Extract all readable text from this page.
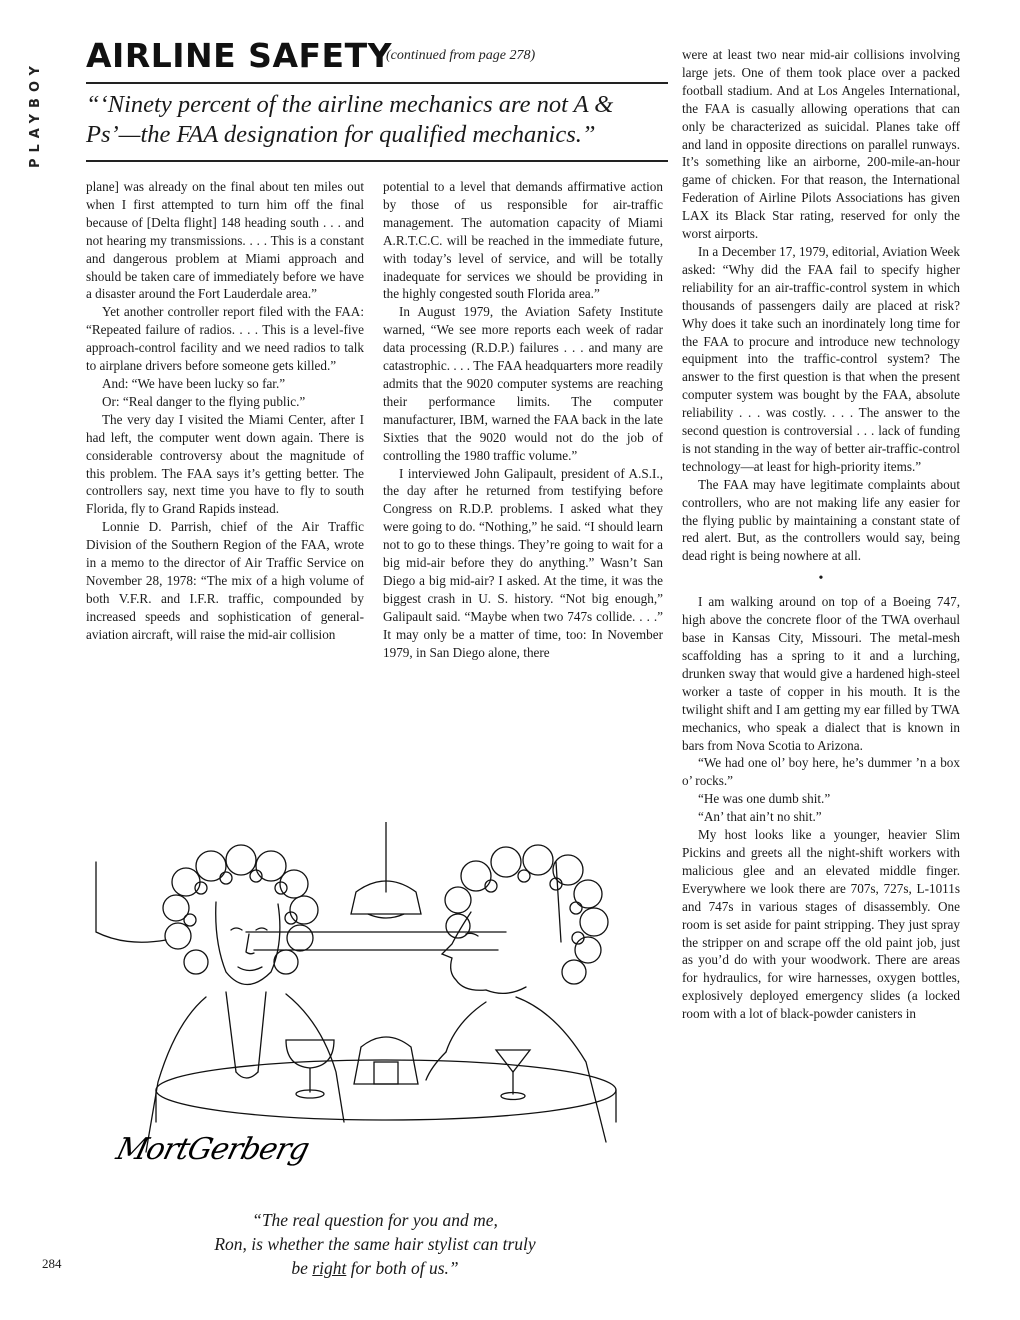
PLAYBOY
AIRLINE SAFETY
(continued from page 278)
“‘Ninety percent of the airline mechanics are not A & Ps’—the FAA designation for qualified mechanics.”

plane] was already on the final about ten miles out when I first attempted to turn him off the final because of [Delta flight] 148 heading south . . . and not hearing my transmissions. . . . This is a constant and dangerous problem at Miami approach and should be taken care of immediately before we have a disaster around the Fort Lauderdale area.”

Yet another controller report filed with the FAA: “Repeated failure of radios. . . . This is a level-five approach-control facility and we need radios to talk to airplane drivers before someone gets killed.”

And: “We have been lucky so far.”

Or: “Real danger to the flying public.”

The very day I visited the Miami Center, after I had left, the computer went down again. There is considerable controversy about the magnitude of this problem. The FAA says it’s getting better. The controllers say, next time you have to fly to south Florida, fly to Grand Rapids instead.

Lonnie D. Parrish, chief of the Air Traffic Division of the Southern Region of the FAA, wrote in a memo to the director of Air Traffic Service on November 28, 1978: “The mix of a high volume of both V.F.R. and I.F.R. traffic, compounded by increased speeds and sophistication of general-aviation aircraft, will raise the mid-air collision

potential to a level that demands affirmative action by those of us responsible for air-traffic management. The automation capacity of Miami A.R.T.C.C. will be reached in the immediate future, with today’s level of service, and will be totally inadequate for services we should be providing in the highly congested south Florida area.”

In August 1979, the Aviation Safety Institute warned, “We see more reports each week of radar data processing (R.D.P.) failures . . . and many are catastrophic. . . . The FAA headquarters more readily admits that the 9020 computer systems are reaching their performance limits. The computer manufacturer, IBM, warned the FAA back in the late Sixties that the 9020 would not do the job of controlling the 1980 traffic volume.”

I interviewed John Galipault, president of A.S.I., the day after he returned from testifying before Congress on R.D.P. problems. I asked what they were going to do. “Nothing,” he said. “I should learn not to go to these things. They’re going to wait for a big mid-air before they do anything.” Wasn’t San Diego a big mid-air? I asked. At the time, it was the biggest crash in U. S. history. “Not big enough,” Galipault said. “Maybe when two 747s collide. . . .” It may only be a matter of time, too: In November 1979, in San Diego alone, there

were at least two near mid-air collisions involving large jets. One of them took place over a packed football stadium. And at Los Angeles International, the FAA is casually allowing operations that can only be characterized as suicidal. Planes take off and land in opposite directions on parallel runways. It’s something like an airborne, 200-mile-an-hour game of chicken. For that reason, the International Federation of Airline Pilots Associations has given LAX its Black Star rating, reserved for only the worst airports.

In a December 17, 1979, editorial, Aviation Week asked: “Why did the FAA fail to specify higher reliability for an air-traffic-control system in which thousands of passengers daily are placed at risk? Why does it take such an inordinately long time for the FAA to procure and introduce new technology equipment into the traffic-control system? The answer to the first question is that when the present computer system was bought by the FAA, absolute reliability . . . was costly. . . . The answer to the second question is controversial . . . lack of funding is not standing in the way of better air-traffic-control technology—at least for high-priority items.”

The FAA may have legitimate complaints about controllers, who are not making life any easier for the flying public by maintaining a constant state of red alert. But, as the controllers would say, being dead right is being nowhere at all.

•

I am walking around on top of a Boeing 747, high above the concrete floor of the TWA overhaul base in Kansas City, Missouri. The metal-mesh scaffolding has a spring to it and a lurching, drunken sway that would give a hardened high-steel worker a taste of copper in his mouth. It is the twilight shift and I am getting my ear filled by TWA mechanics, who speak a dialect that is known in bars from Nova Scotia to Arizona.

“We had one ol’ boy here, he’s dummer ’n a box o’ rocks.”

“He was one dumb shit.”

“An’ that ain’t no shit.”

My host looks like a younger, heavier Slim Pickins and greets all the night-shift workers with malicious glee and an elevated middle finger. Everywhere we look there are 707s, 727s, L-1011s and 747s in various stages of disassembly. One room is set aside for paint stripping. They just spray the stripper on and scrape off the old paint job, just as you’d do with your woodwork. There are areas for hydraulics, for wire harnesses, oxygen bottles, explosively deployed emergency slides (a locked room with a lot of black-powder canisters in

MortGerberg
“The real question for you and me,
Ron, is whether the same hair stylist can truly
be right for both of us.”
284
